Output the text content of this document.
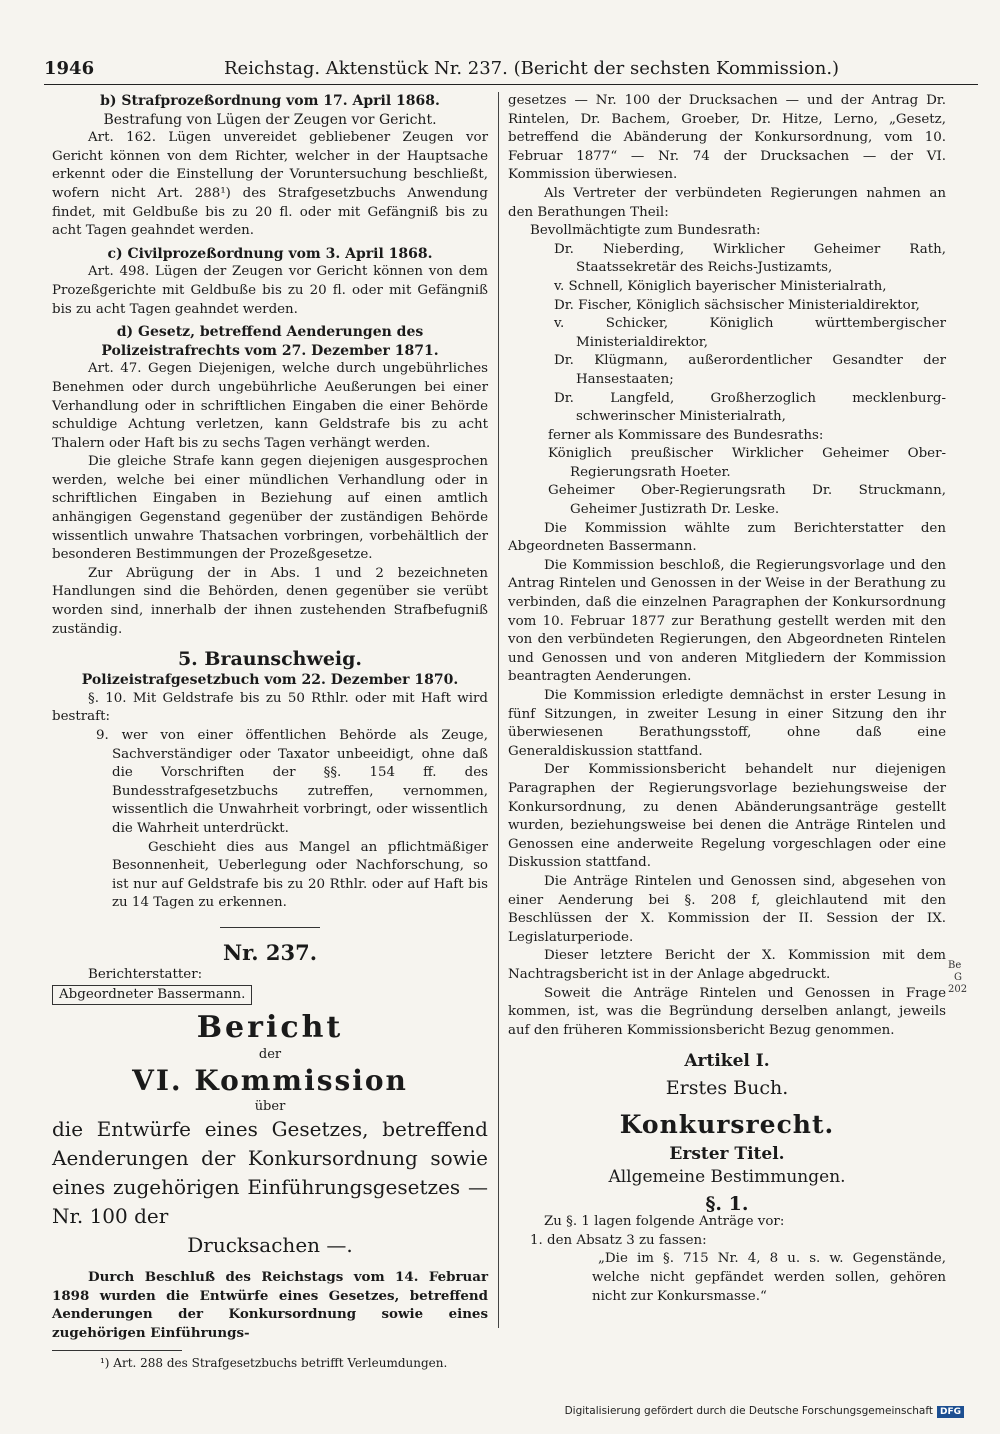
1946	Reichstag. Aktenstück Nr. 237. (Bericht der sechsten Kommission.)

b) Strafprozeßordnung vom 17. April 1868.

Bestrafung von Lügen der Zeugen vor Gericht.

Art. 162. Lügen unvereidet gebliebener Zeugen vor Gericht können von dem Richter, welcher in der Hauptsache erkennt oder die Einstellung der Voruntersuchung beschließt, wofern nicht Art. 288¹) des Strafgesetzbuchs Anwendung findet, mit Geldbuße bis zu 20 fl. oder mit Gefängniß bis zu acht Tagen geahndet werden.

c) Civilprozeßordnung vom 3. April 1868.

Art. 498. Lügen der Zeugen vor Gericht können von dem Prozeßgerichte mit Geldbuße bis zu 20 fl. oder mit Gefängniß bis zu acht Tagen geahndet werden.

d) Gesetz, betreffend Aenderungen des Polizeistrafrechts vom 27. Dezember 1871.

Art. 47. Gegen Diejenigen, welche durch ungebührliches Benehmen oder durch ungebührliche Aeußerungen bei einer Verhandlung oder in schriftlichen Eingaben die einer Behörde schuldige Achtung verletzen, kann Geldstrafe bis zu acht Thalern oder Haft bis zu sechs Tagen verhängt werden.

Die gleiche Strafe kann gegen diejenigen ausgesprochen werden, welche bei einer mündlichen Verhandlung oder in schriftlichen Eingaben in Beziehung auf einen amtlich anhängigen Gegenstand gegenüber der zuständigen Behörde wissentlich unwahre Thatsachen vorbringen, vorbehältlich der besonderen Bestimmungen der Prozeßgesetze.

Zur Abrügung der in Abs. 1 und 2 bezeichneten Handlungen sind die Behörden, denen gegenüber sie verübt worden sind, innerhalb der ihnen zustehenden Strafbefugniß zuständig.

5. Braunschweig.

Polizeistrafgesetzbuch vom 22. Dezember 1870.

§. 10. Mit Geldstrafe bis zu 50 Rthlr. oder mit Haft wird bestraft:

9. wer von einer öffentlichen Behörde als Zeuge, Sachverständiger oder Taxator unbeeidigt, ohne daß die Vorschriften der §§. 154 ff. des Bundesstrafgesetzbuchs zutreffen, vernommen, wissentlich die Unwahrheit vorbringt, oder wissentlich die Wahrheit unterdrückt.

Geschieht dies aus Mangel an pflichtmäßiger Besonnenheit, Ueberlegung oder Nachforschung, so ist nur auf Geldstrafe bis zu 20 Rthlr. oder auf Haft bis zu 14 Tagen zu erkennen.

Nr. 237.

Berichterstatter:

Abgeordneter Bassermann.

Bericht

der

VI. Kommission

über

die Entwürfe eines Gesetzes, betreffend Aenderungen der Konkursordnung sowie eines zugehörigen Einführungsgesetzes — Nr. 100 der

Drucksachen —.

Durch Beschluß des Reichstags vom 14. Februar 1898 wurden die Entwürfe eines Gesetzes, betreffend Aenderungen der Konkursordnung sowie eines zugehörigen Einführungs-

¹) Art. 288 des Strafgesetzbuchs betrifft Verleumdungen.

gesetzes — Nr. 100 der Drucksachen — und der Antrag Dr. Rintelen, Dr. Bachem, Groeber, Dr. Hitze, Lerno, „Gesetz, betreffend die Abänderung der Konkursordnung, vom 10. Februar 1877“ — Nr. 74 der Drucksachen — der VI. Kommission überwiesen.

Als Vertreter der verbündeten Regierungen nahmen an den Berathungen Theil:

Bevollmächtigte zum Bundesrath:

Dr. Nieberding, Wirklicher Geheimer Rath, Staatssekretär des Reichs-Justizamts,

v. Schnell, Königlich bayerischer Ministerialrath,

Dr. Fischer, Königlich sächsischer Ministerialdirektor,

v. Schicker, Königlich württembergischer Ministerialdirektor,

Dr. Klügmann, außerordentlicher Gesandter der Hansestaaten;

Dr. Langfeld, Großherzoglich mecklenburg-schwerinscher Ministerialrath,

ferner als Kommissare des Bundesraths:

Königlich preußischer Wirklicher Geheimer Ober-Regierungsrath Hoeter.

Geheimer Ober-Regierungsrath Dr. Struckmann, Geheimer Justizrath Dr. Leske.

Die Kommission wählte zum Berichterstatter den Abgeordneten Bassermann.

Die Kommission beschloß, die Regierungsvorlage und den Antrag Rintelen und Genossen in der Weise in der Berathung zu verbinden, daß die einzelnen Paragraphen der Konkursordnung vom 10. Februar 1877 zur Berathung gestellt werden mit den von den verbündeten Regierungen, den Abgeordneten Rintelen und Genossen und von anderen Mitgliedern der Kommission beantragten Aenderungen.

Die Kommission erledigte demnächst in erster Lesung in fünf Sitzungen, in zweiter Lesung in einer Sitzung den ihr überwiesenen Berathungsstoff, ohne daß eine Generaldiskussion stattfand.

Der Kommissionsbericht behandelt nur diejenigen Paragraphen der Regierungsvorlage beziehungsweise der Konkursordnung, zu denen Abänderungsanträge gestellt wurden, beziehungsweise bei denen die Anträge Rintelen und Genossen eine anderweite Regelung vorgeschlagen oder eine Diskussion stattfand.

Die Anträge Rintelen und Genossen sind, abgesehen von einer Aenderung bei §. 208 f, gleichlautend mit den Beschlüssen der X. Kommission der II. Session der IX. Legislaturperiode.

Dieser letztere Bericht der X. Kommission mit dem Nachtragsbericht ist in der Anlage abgedruckt.

Soweit die Anträge Rintelen und Genossen in Frage kommen, ist, was die Begründung derselben anlangt, jeweils auf den früheren Kommissionsbericht Bezug genommen.

Artikel I.

Erstes Buch.

Konkursrecht.

Erster Titel.

Allgemeine Bestimmungen.

§. 1.

Zu §. 1 lagen folgende Anträge vor:

1. den Absatz 3 zu fassen:

„Die im §. 715 Nr. 4, 8 u. s. w. Gegenstände, welche nicht gepfändet werden sollen, gehören nicht zur Konkursmasse.“

Be
G
202
Digitalisierung gefördert durch die Deutsche Forschungsgemeinschaft DFG
